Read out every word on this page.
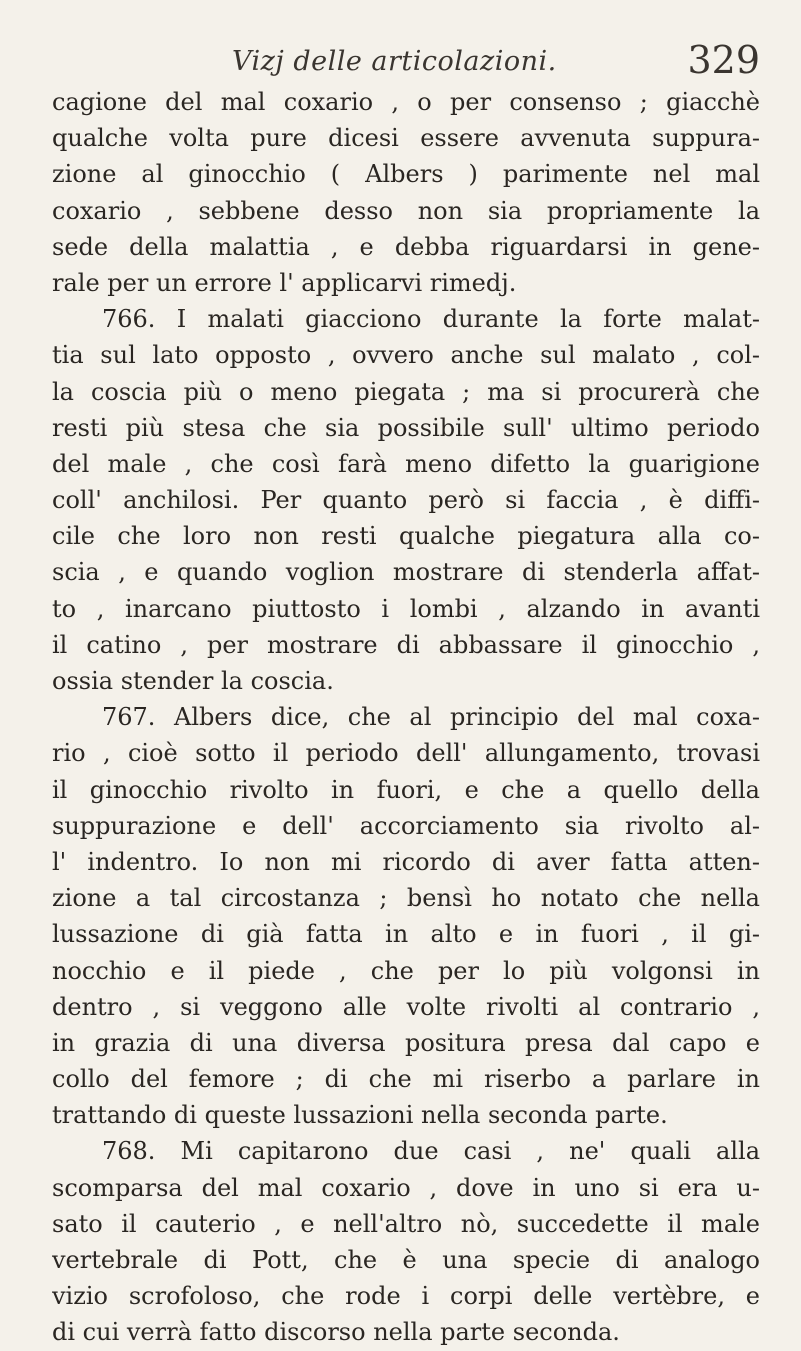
Vizj delle articolazioni.	329
cagione del mal coxario , o per consenso ; giacchè
qualche volta pure dicesi essere avvenuta suppura-
zione al ginocchio ( Albers ) parimente nel mal
coxario , sebbene desso non sia propriamente la
sede della malattia , e debba riguardarsi in gene-
rale per un errore l' applicarvi rimedj.
766. I malati giacciono durante la forte malat-
tia sul lato opposto , ovvero anche sul malato , col-
la coscia più o meno piegata ; ma si procurerà che
resti più stesa che sia possibile sull' ultimo periodo
del male , che così farà meno difetto la guarigione
coll' anchilosi. Per quanto però si faccia , è diffi-
cile che loro non resti qualche piegatura alla co-
scia , e quando voglion mostrare di stenderla affat-
to , inarcano piuttosto i lombi , alzando in avanti
il catino , per mostrare di abbassare il ginocchio ,
ossia stender la coscia.
767. Albers dice, che al principio del mal coxa-
rio , cioè sotto il periodo dell' allungamento, trovasi
il ginocchio rivolto in fuori, e che a quello della
suppurazione e dell' accorciamento sia rivolto al-
l' indentro. Io non mi ricordo di aver fatta atten-
zione a tal circostanza ; bensì ho notato che nella
lussazione di già fatta in alto e in fuori , il gi-
nocchio e il piede , che per lo più volgonsi in
dentro , si veggono alle volte rivolti al contrario ,
in grazia di una diversa positura presa dal capo e
collo del femore ; di che mi riserbo a parlare in
trattando di queste lussazioni nella seconda parte.
768. Mi capitarono due casi , ne' quali alla
scomparsa del mal coxario , dove in uno si era u-
sato il cauterio , e nell'altro nò, succedette il male
vertebrale di Pott, che è una specie di analogo
vizio scrofoloso, che rode i corpi delle vertèbre, e
di cui verrà fatto discorso nella parte seconda.
